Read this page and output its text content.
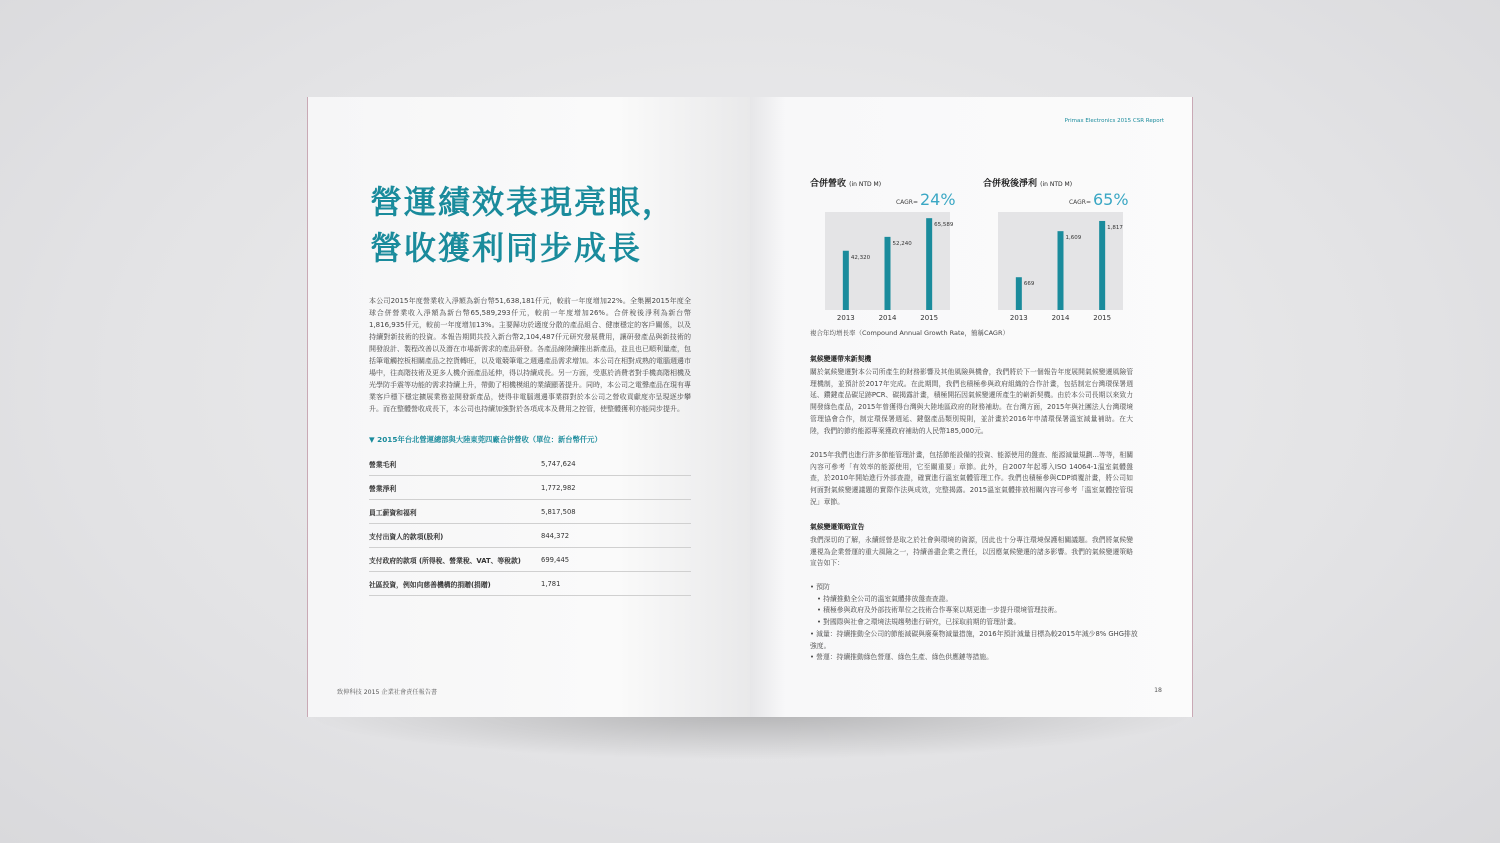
營運績效表現亮眼，
營收獲利同步成長
本公司2015年度營業收入淨額為新台幣51,638,181仟元，較前一年度增加22%。全集團2015年度全球合併營業收入淨額為新台幣65,589,293仟元，較前一年度增加26%。合併稅後淨利為新台幣1,816,935仟元，較前一年度增加13%。主要歸功於適度分散的產品組合、健康穩定的客戶關係，以及持續對新技術的投資。本報告期間共投入新台幣2,104,487仟元研究發展費用，讓研發產品與新技術的開發設計、製程改善以及潛在市場新需求的產品研發。各產品線陸續推出新產品，並且也已順利量產，包括筆電觸控板相關產品之控貨轉旺，以及電競筆電之週邊產品需求增加。本公司在相對成熟的電腦週邊市場中，往高階技術及更多人機介面產品延伸，得以持續成長。另一方面，受惠於消費者對手機高階相機及光學防手震等功能的需求持續上升，帶動了相機模組的業績顯著提升。同時，本公司之電聲產品在現有專業客戶穩下穩定擴展業務並開發新產品，使得非電腦週邊事業群對於本公司之營收貢獻度亦呈現逐步攀升。而在整體營收成長下，本公司也持續加強對於各項成本及費用之控管，使整體獲利亦能同步提升。
▼ 2015年台北營運總部與大陸東莞四廠合併營收（單位：新台幣仟元）
營業毛利	5,747,624
營業淨利	1,772,982
員工薪資和福利	5,817,508
支付出資人的款項(股利)	844,372
支付政府的款項 (所得稅、營業稅、VAT、等稅款)	699,445
社區投資，例如向慈善機構的捐贈(捐贈)	1,781
致伸科技 2015 企業社會責任報告書
Primax Electronics 2015 CSR Report
合併營收 (in NTD M)
CAGR= 24%
42,320
2013
52,240
2014
65,589
2015
合併稅後淨利 (in NTD M)
CAGR= 65%
669
2013
1,609
2014
1,817
2015
複合年均增長率（Compound Annual Growth Rate，簡稱CAGR）
氣候變遷帶來新契機
關於氣候變遷對本公司所產生的財務影響及其他風險與機會，我們將於下一個報告年度展開氣候變遷風險管理機制，並預計於2017年完成。在此期間，我們也積極參與政府組織的合作計畫，包括制定台灣環保署週延、鑽鍵產品碳足跡PCR、碳揭露計畫，積極開拓因氣候變遷所產生的嶄新契機。由於本公司長期以來致力開發綠色產品，2015年曾獲得台灣與大陸地區政府的財務補助。在台灣方面，2015年與社團法人台灣環境管理協會合作，制定環保署週延、鍵盤產品類別規則，並計畫於2016年申請環保署溫室減量補助。在大陸，我們的節約能源專案獲政府補助的人民幣185,000元。
2015年我們也進行許多節能管理計畫，包括節能設備的投資、能源使用的盤查、能源減量規劃...等等，相關內容可參考「有效率的能源使用，它至關重要」章節。此外，自2007年起導入ISO 14064-1溫室氣體盤查，於2010年開始進行外部查證，確實進行溫室氣體管理工作。我們也積極參與CDP填覆計畫，將公司如何面對氣候變遷議題的實際作法與成效，完整揭露。2015溫室氣體排放相關內容可參考「溫室氣體控管現況」章節。
氣候變遷策略宣告
我們深切的了解，永續經營是取之於社會與環境的資源，因此也十分專注環境保護相關議題。我們將氣候變遷視為企業營運的重大風險之一，持續善盡企業之責任，以因應氣候變遷的諸多影響。我們的氣候變遷策略宣告如下：
• 預防
• 持續推動全公司的溫室氣體排放盤查查證。
• 積極參與政府及外部技術單位之技術合作專案以期更進一步提升環境管理技術。
• 對國際與社會之環境法規趨勢進行研究，已採取前期的管理計畫。
• 減量：持續推動全公司的節能減碳與廢棄物減量措施，2016年預計減量目標為較2015年減少8% GHG排放強度。
• 營運：持續推動綠色營運、綠色生產、綠色供應鏈等措施。
18
